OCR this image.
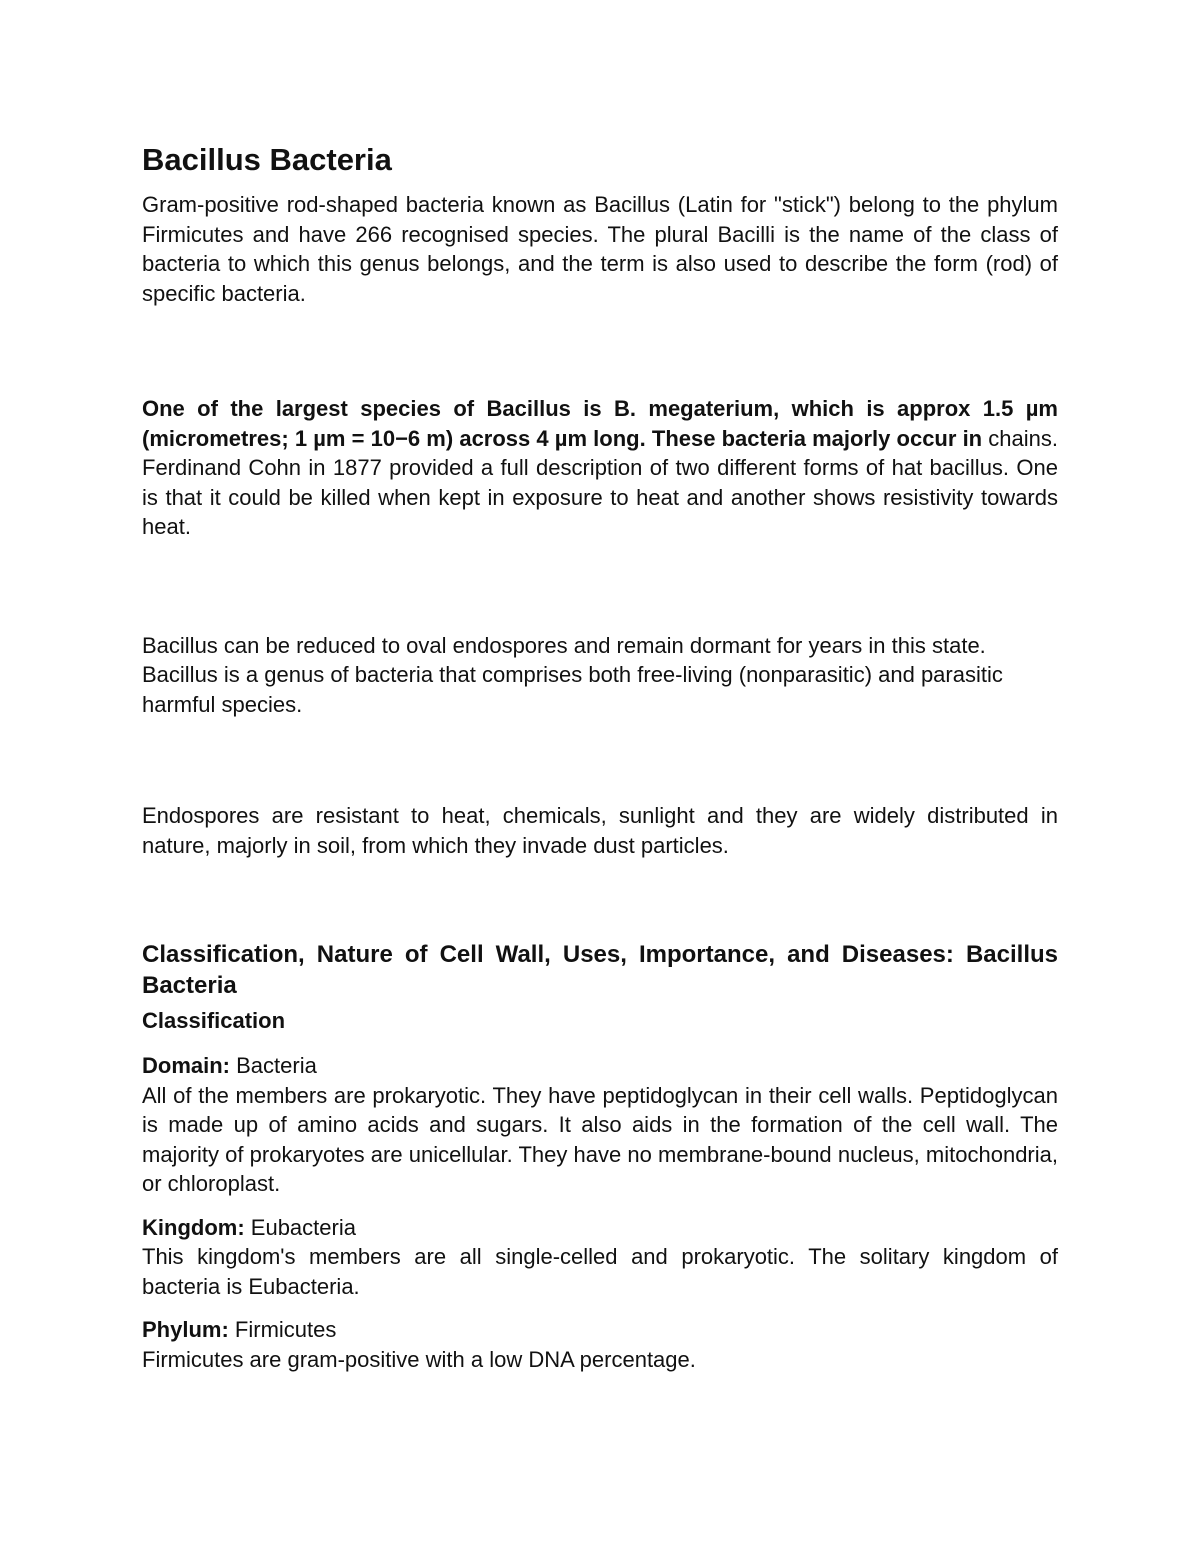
Bacillus Bacteria

Gram-positive rod-shaped bacteria known as Bacillus (Latin for "stick") belong to the phylum Firmicutes and have 266 recognised species. The plural Bacilli is the name of the class of bacteria to which this genus belongs, and the term is also used to describe the form (rod) of specific bacteria.

One of the largest species of Bacillus is B. megaterium, which is approx 1.5 µm (micrometres; 1 µm = 10−6 m) across 4 µm long. These bacteria majorly occur in chains. Ferdinand Cohn in 1877 provided a full description of two different forms of hat bacillus. One is that it could be killed when kept in exposure to heat and another shows resistivity towards heat.

Bacillus can be reduced to oval endospores and remain dormant for years in this state.

Bacillus is a genus of bacteria that comprises both free-living (nonparasitic) and parasitic harmful species.

Endospores are resistant to heat, chemicals, sunlight and they are widely distributed in nature, majorly in soil, from which they invade dust particles.

Classification, Nature of Cell Wall, Uses, Importance, and Diseases: Bacillus Bacteria
Classification

Domain: Bacteria

All of the members are prokaryotic. They have peptidoglycan in their cell walls. Peptidoglycan is made up of amino acids and sugars. It also aids in the formation of the cell wall. The majority of prokaryotes are unicellular. They have no membrane-bound nucleus, mitochondria, or chloroplast.

Kingdom: Eubacteria

This kingdom's members are all single-celled and prokaryotic. The solitary kingdom of bacteria is Eubacteria.

Phylum: Firmicutes

Firmicutes are gram-positive with a low DNA percentage.
